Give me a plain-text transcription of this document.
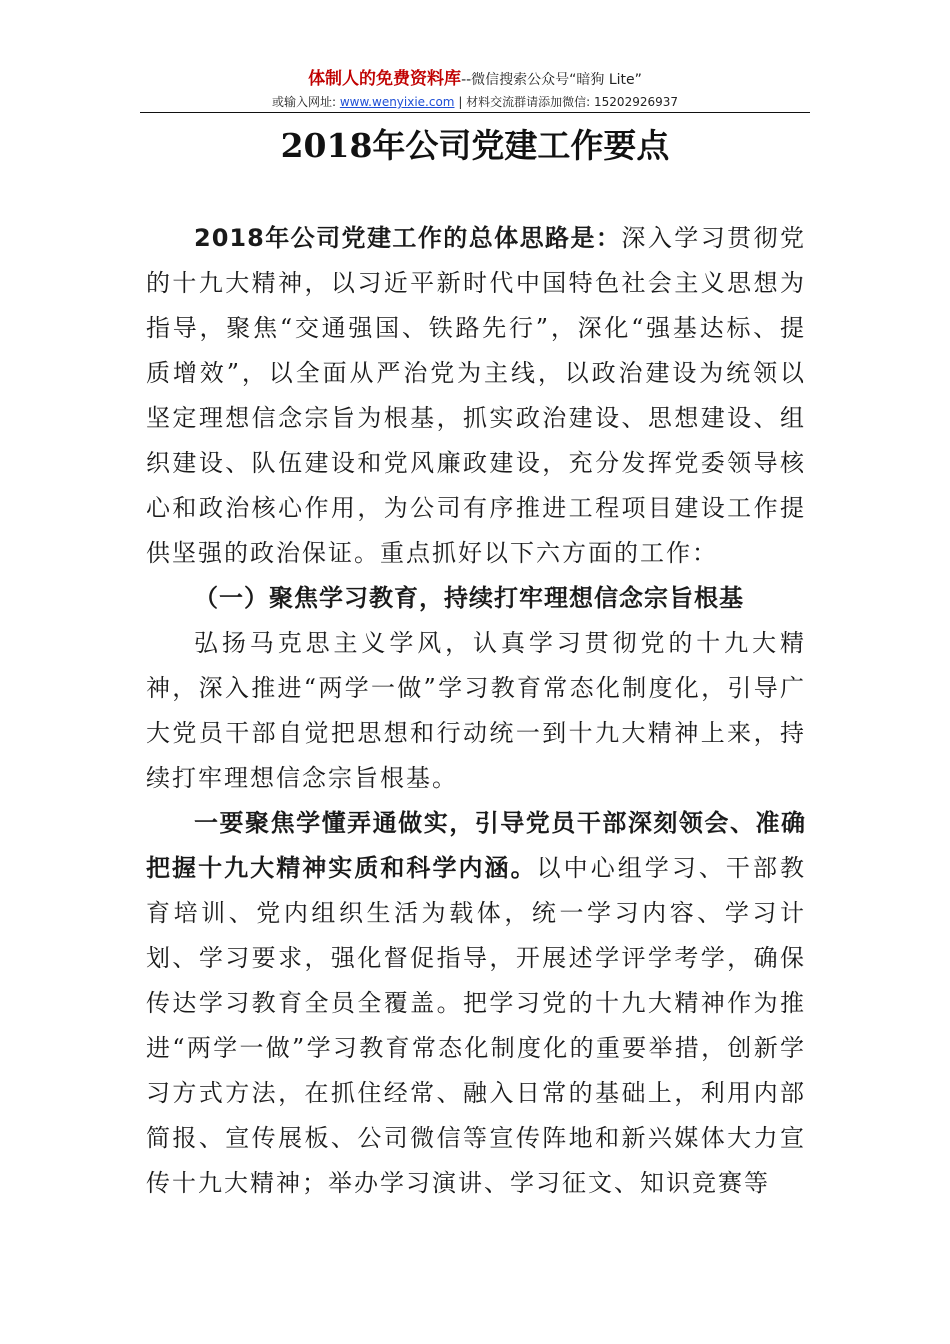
体制人的免费资料库--微信搜索公众号“暗狗 Lite”
或输入网址: www.wenyixie.com | 材料交流群请添加微信: 15202926937
2018年公司党建工作要点

2018年公司党建工作的总体思路是：深入学习贯彻党的十九大精神，以习近平新时代中国特色社会主义思想为指导，聚焦“交通强国、铁路先行”，深化“强基达标、提质增效”，以全面从严治党为主线，以政治建设为统领以坚定理想信念宗旨为根基，抓实政治建设、思想建设、组织建设、队伍建设和党风廉政建设，充分发挥党委领导核心和政治核心作用，为公司有序推进工程项目建设工作提供坚强的政治保证。重点抓好以下六方面的工作：

（一）聚焦学习教育，持续打牢理想信念宗旨根基

弘扬马克思主义学风，认真学习贯彻党的十九大精神，深入推进“两学一做”学习教育常态化制度化，引导广大党员干部自觉把思想和行动统一到十九大精神上来，持续打牢理想信念宗旨根基。

一要聚焦学懂弄通做实，引导党员干部深刻领会、准确把握十九大精神实质和科学内涵。以中心组学习、干部教育培训、党内组织生活为载体，统一学习内容、学习计划、学习要求，强化督促指导，开展述学评学考学，确保传达学习教育全员全覆盖。把学习党的十九大精神作为推进“两学一做”学习教育常态化制度化的重要举措，创新学习方式方法，在抓住经常、融入日常的基础上，利用内部简报、宣传展板、公司微信等宣传阵地和新兴媒体大力宣传十九大精神；举办学习演讲、学习征文、知识竞赛等
